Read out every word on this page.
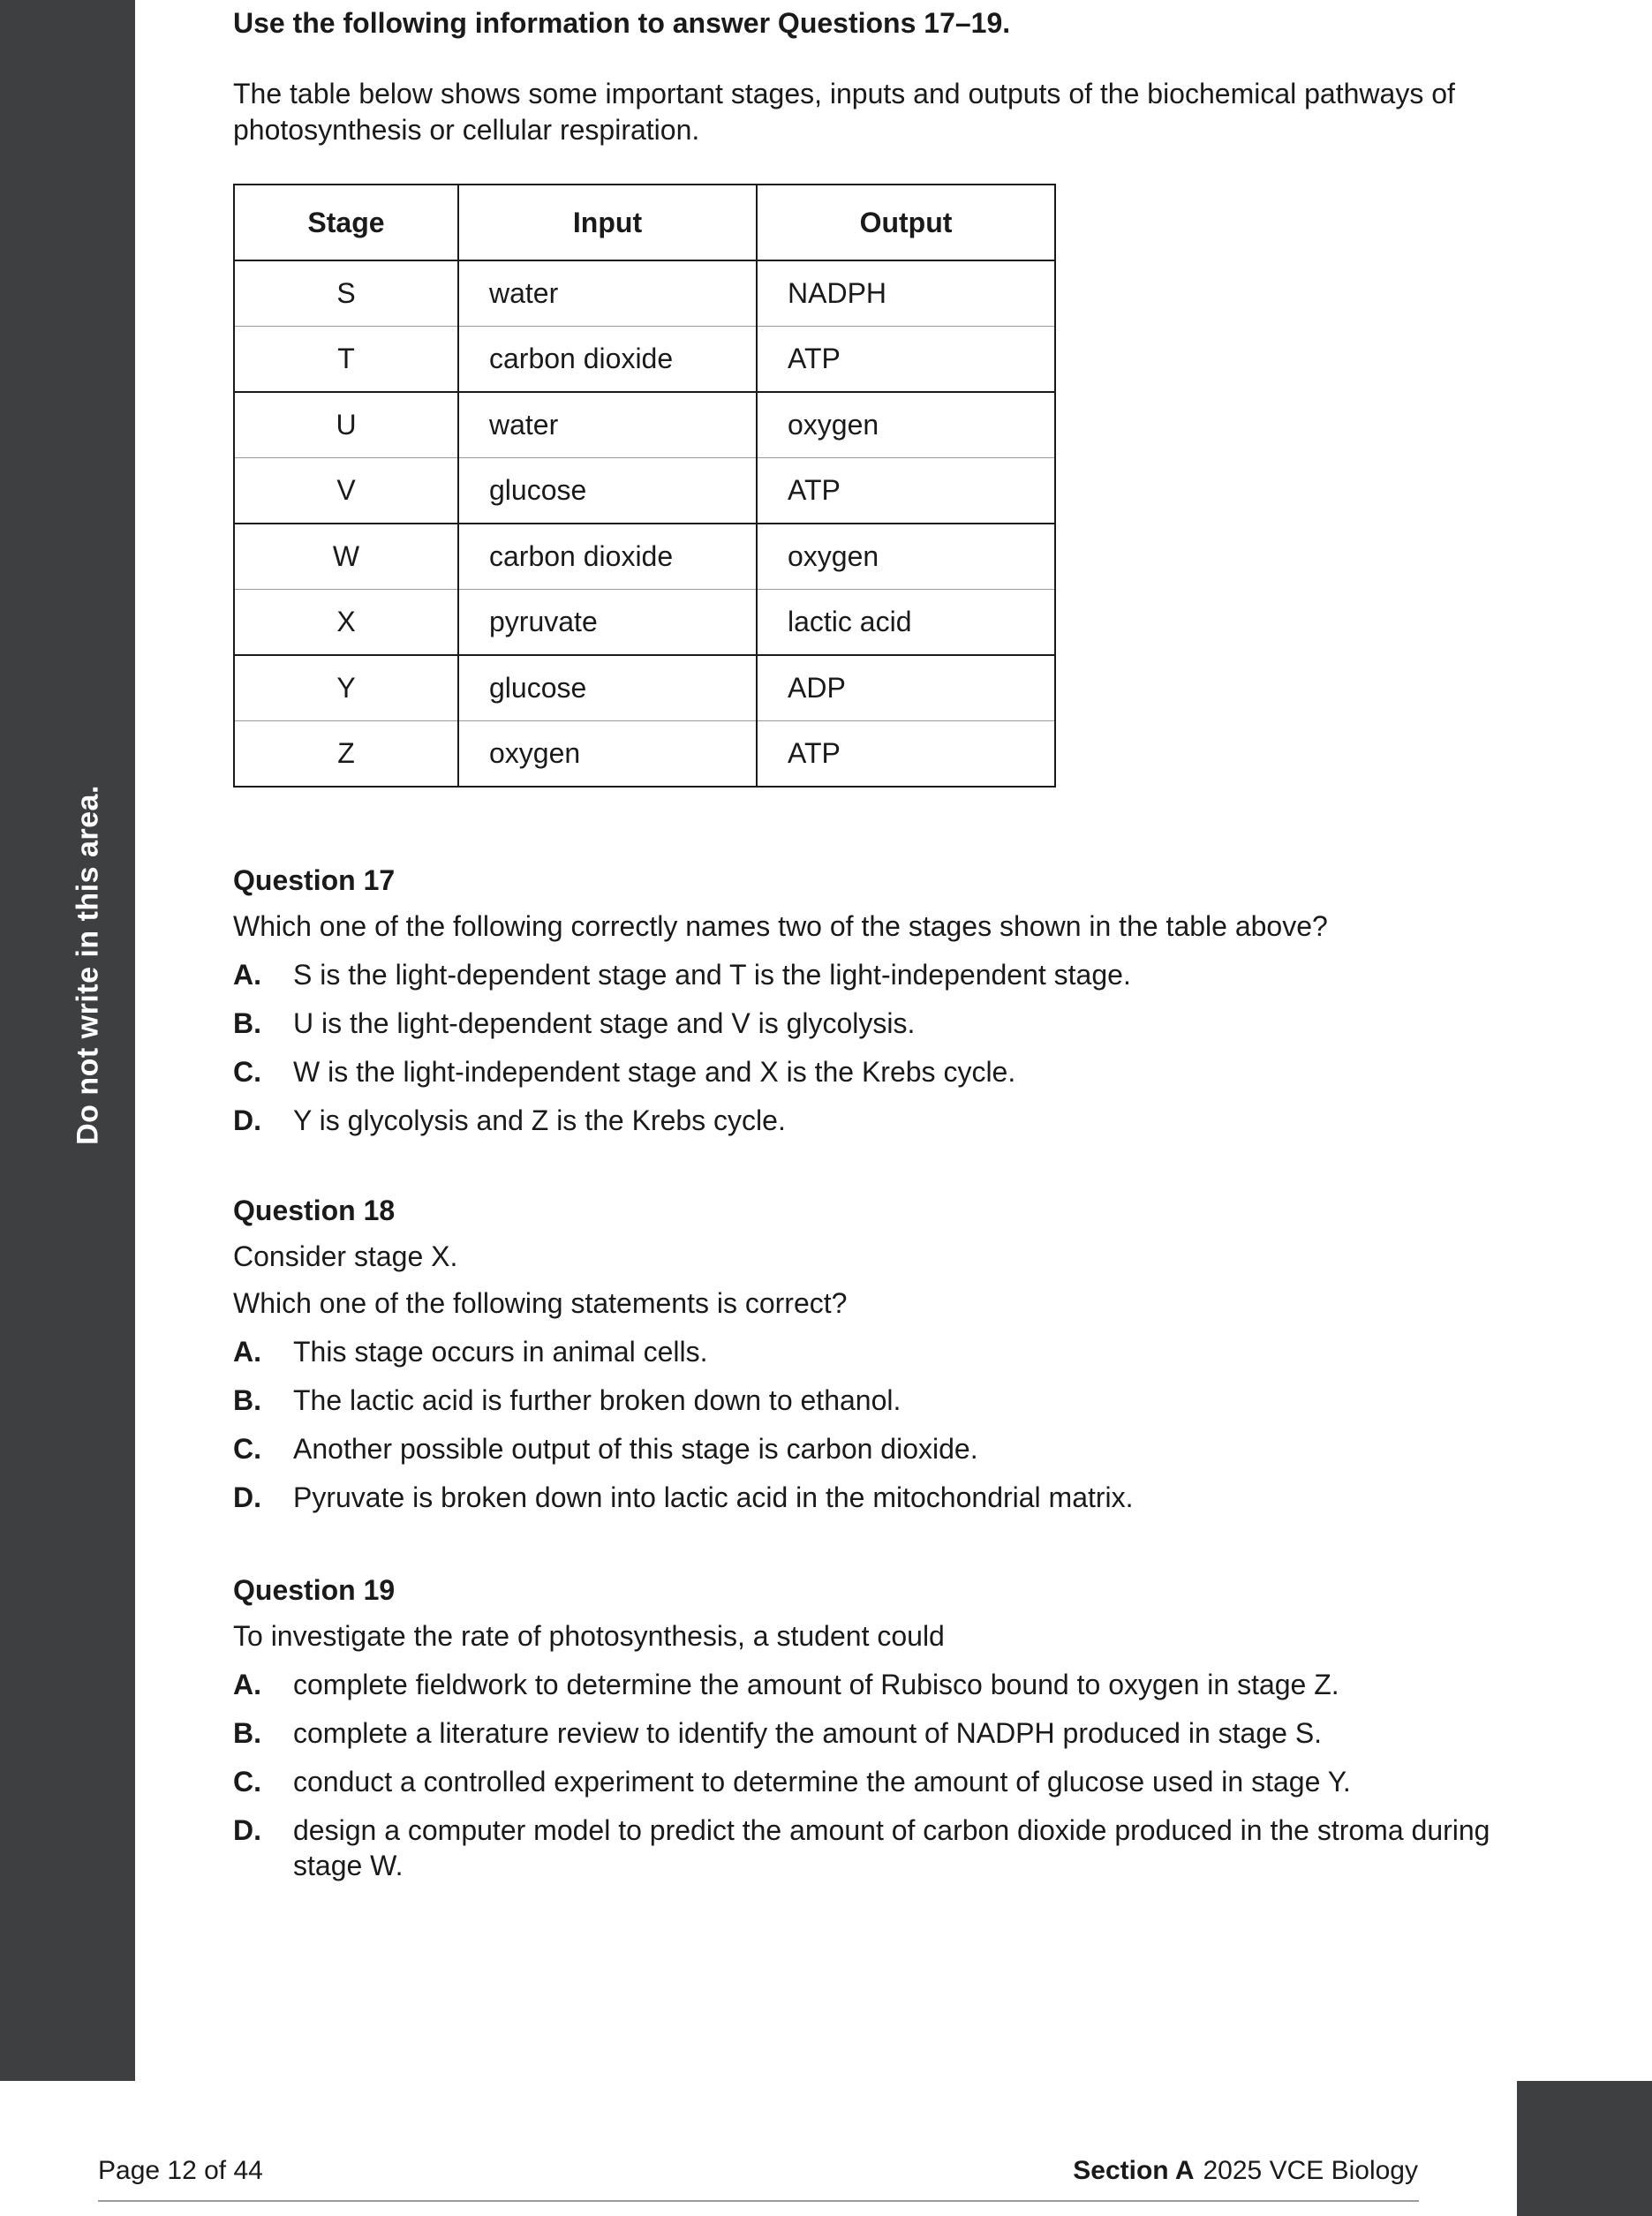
Do not write in this area.
Use the following information to answer Questions 17–19.
The table below shows some important stages, inputs and outputs of the biochemical pathways of photosynthesis or cellular respiration.
Stage	Input	Output
S	water	NADPH
T	carbon dioxide	ATP
U	water	oxygen
V	glucose	ATP
W	carbon dioxide	oxygen
X	pyruvate	lactic acid
Y	glucose	ADP
Z	oxygen	ATP
Question 17
Which one of the following correctly names two of the stages shown in the table above?
A. S is the light-dependent stage and T is the light-independent stage.
B. U is the light-dependent stage and V is glycolysis.
C. W is the light-independent stage and X is the Krebs cycle.
D. Y is glycolysis and Z is the Krebs cycle.
Question 18
Consider stage X.
Which one of the following statements is correct?
A. This stage occurs in animal cells.
B. The lactic acid is further broken down to ethanol.
C. Another possible output of this stage is carbon dioxide.
D. Pyruvate is broken down into lactic acid in the mitochondrial matrix.
Question 19
To investigate the rate of photosynthesis, a student could
A. complete fieldwork to determine the amount of Rubisco bound to oxygen in stage Z.
B. complete a literature review to identify the amount of NADPH produced in stage S.
C. conduct a controlled experiment to determine the amount of glucose used in stage Y.
D. design a computer model to predict the amount of carbon dioxide produced in the stroma during stage W.
Page 12 of 44	Section A 2025 VCE Biology
